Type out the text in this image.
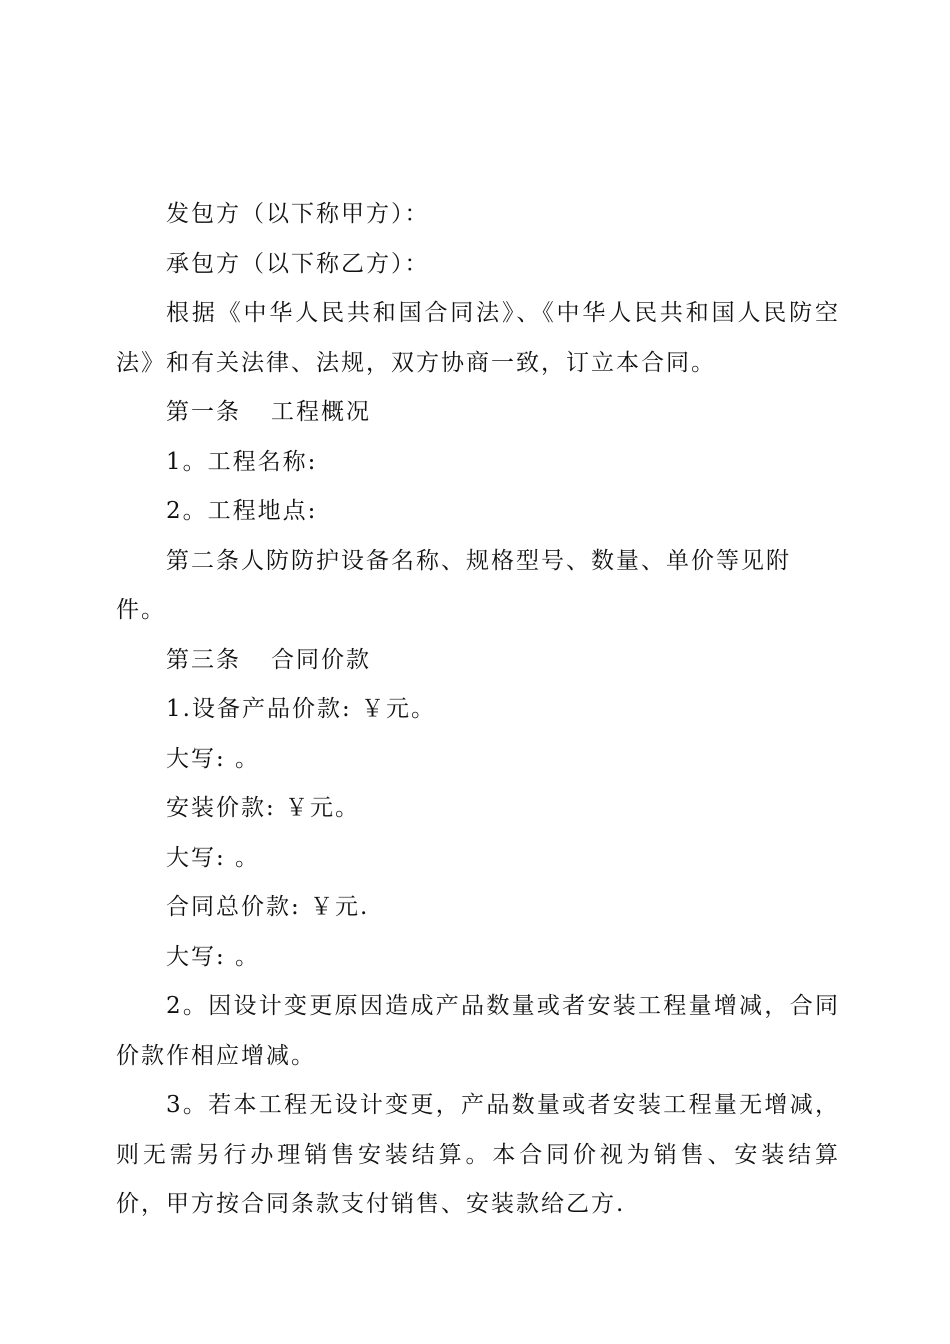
发包方（以下称甲方）：

承包方（以下称乙方）：

根据《中华人民共和国合同法》、《中华人民共和国人民防空法》和有关法律、法规，双方协商一致，订立本合同。

第一条 工程概况

1。工程名称:

2。工程地点:

第二条人防防护设备名称、规格型号、数量、单价等见附件。

第三条 合同价款

1.设备产品价款: ￥元。

大写: 。

安装价款: ￥元。

大写: 。

合同总价款: ￥元.

大写: 。

2。因设计变更原因造成产品数量或者安装工程量增减，合同价款作相应增减。

3。若本工程无设计变更，产品数量或者安装工程量无增减，则无需另行办理销售安装结算。本合同价视为销售、安装结算价，甲方按合同条款支付销售、安装款给乙方.
